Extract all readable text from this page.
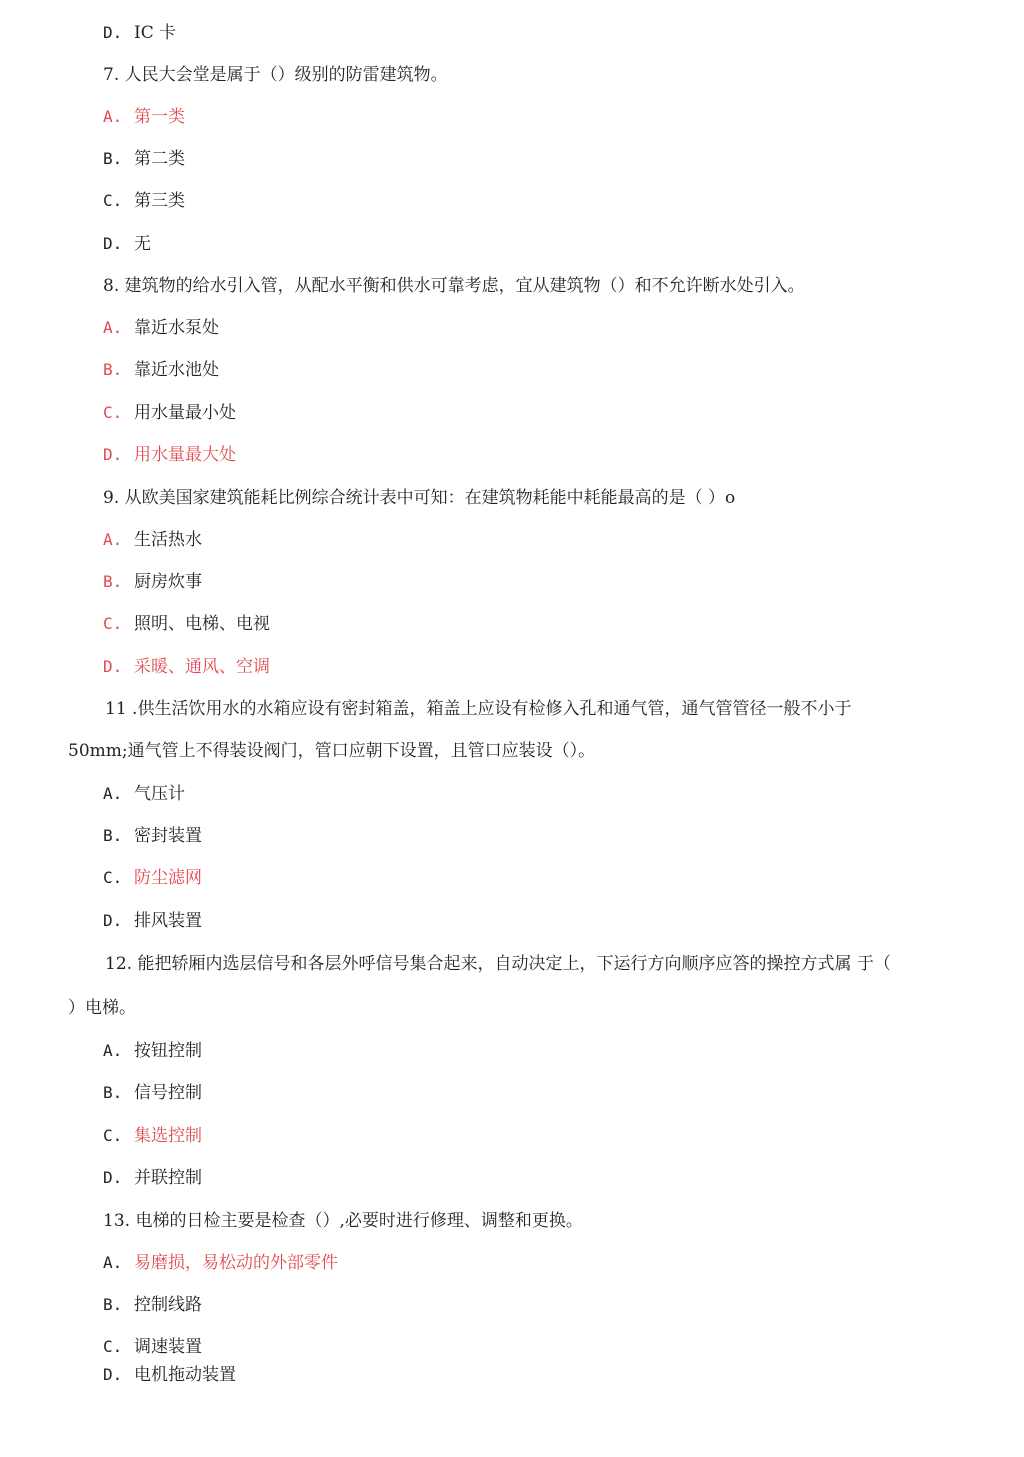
D. IC 卡
7. 人民大会堂是属于（）级别的防雷建筑物。
A. 第一类
B. 第二类
C. 第三类
D. 无
8. 建筑物的给水引入管，从配水平衡和供水可靠考虑，宜从建筑物（）和不允许断水处引入。
A. 靠近水泵处
B. 靠近水池处
C. 用水量最小处
D. 用水量最大处
9. 从欧美国家建筑能耗比例综合统计表中可知：在建筑物耗能中耗能最高的是（ ）o
A. 生活热水
B. 厨房炊事
C. 照明、电梯、电视
D. 采暖、通风、空调
11 .供生活饮用水的水箱应设有密封箱盖，箱盖上应设有检修入孔和通气管，通气管管径一般不小于
50mm;通气管上不得装设阀门，管口应朝下设置，且管口应装设（）。
A. 气压计
B. 密封装置
C. 防尘滤网
D. 排风装置
12. 能把轿厢内选层信号和各层外呼信号集合起来，自动决定上，下运行方向顺序应答的操控方式属 于（
）电梯。
A. 按钮控制
B. 信号控制
C. 集选控制
D. 并联控制
13. 电梯的日检主要是检查（）,必要时进行修理、调整和更换。
A. 易磨损，易松动的外部零件
B. 控制线路
C. 调速装置
D. 电机拖动装置
